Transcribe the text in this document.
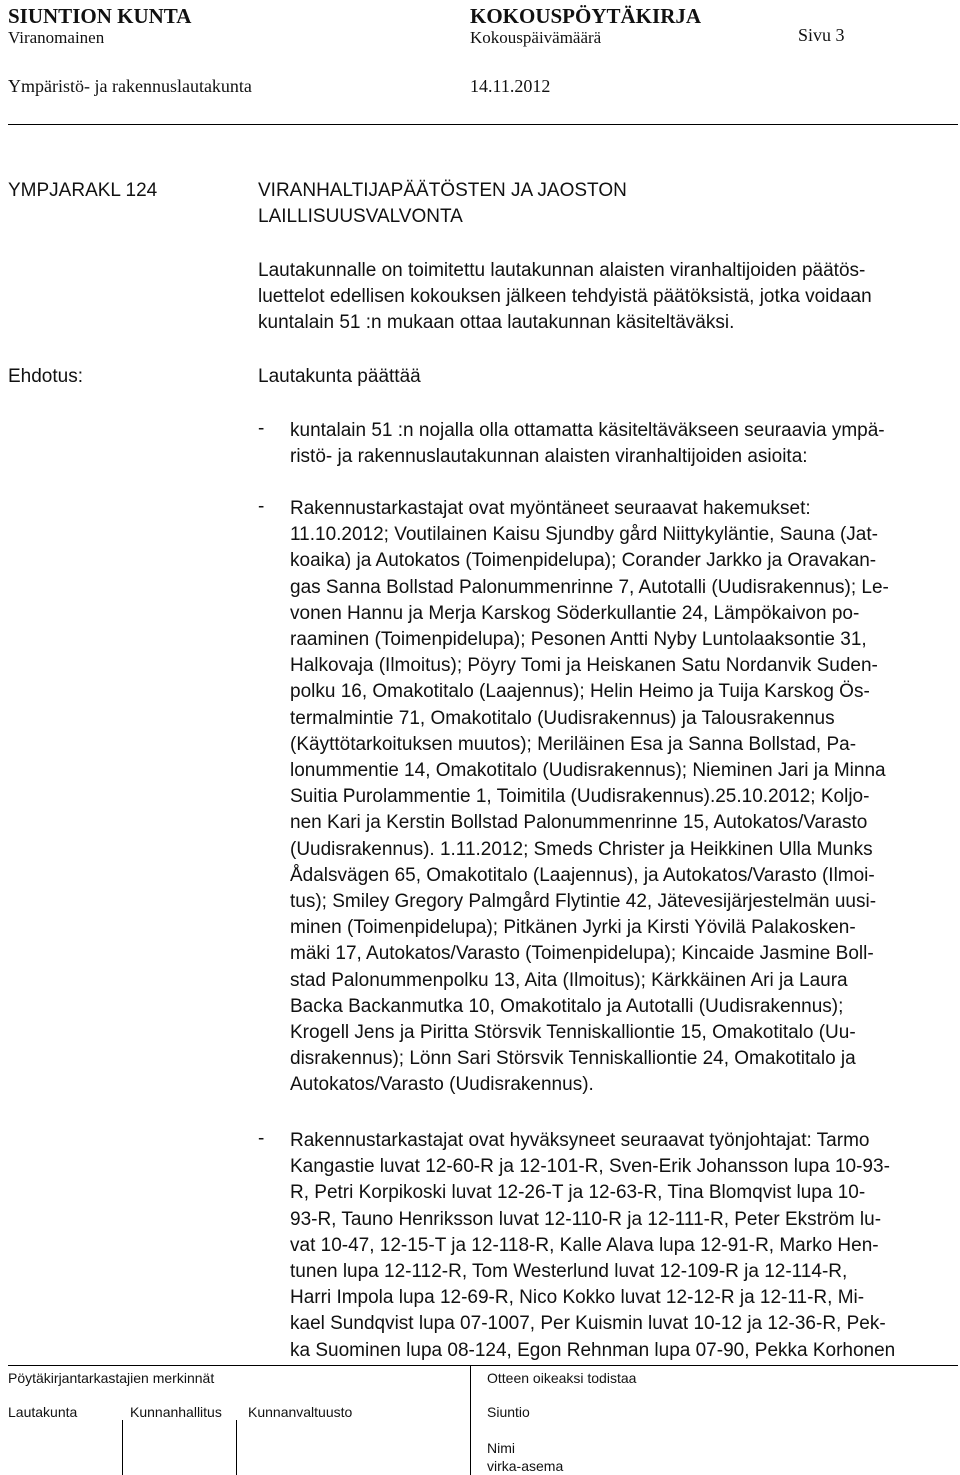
SIUNTION KUNTA	KOKOUSPÖYTÄKIRJA
Viranomainen	Kokouspäivämäärä	Sivu 3
Ympäristö- ja rakennuslautakunta	14.11.2012
YMPJARAKL 124	VIRANHALTIJAPÄÄTÖSTEN JA JAOSTON
LAILLISUUSVALVONTA
Lautakunnalle on toimitettu lautakunnan alaisten viranhaltijoiden päätös-
luettelot edellisen kokouksen jälkeen tehdyistä päätöksistä, jotka voidaan
kuntalain 51 :n mukaan ottaa lautakunnan käsiteltäväksi.
Ehdotus:	Lautakunta päättää
- kuntalain 51 :n nojalla olla ottamatta käsiteltäväkseen seuraavia ympä-
ristö- ja rakennuslautakunnan alaisten viranhaltijoiden asioita:
- Rakennustarkastajat ovat myöntäneet seuraavat hakemukset:
11.10.2012; Voutilainen Kaisu Sjundby gård Niittykyläntie, Sauna (Jat-
koaika) ja Autokatos (Toimenpidelupa); Corander Jarkko ja Oravakan-
gas Sanna Bollstad Palonummenrinne 7, Autotalli (Uudisrakennus); Le-
vonen Hannu ja Merja Karskog Söderkullantie 24, Lämpökaivon po-
raaminen (Toimenpidelupa); Pesonen Antti Nyby Luntolaaksontie 31,
Halkovaja (Ilmoitus); Pöyry Tomi ja Heiskanen Satu Nordanvik Suden-
polku 16, Omakotitalo (Laajennus); Helin Heimo ja Tuija Karskog Ös-
termalmintie 71, Omakotitalo (Uudisrakennus) ja Talousrakennus
(Käyttötarkoituksen muutos); Meriläinen Esa ja Sanna Bollstad, Pa-
lonummentie 14, Omakotitalo (Uudisrakennus); Nieminen Jari ja Minna
Suitia Purolammentie 1, Toimitila (Uudisrakennus).25.10.2012; Koljo-
nen Kari ja Kerstin Bollstad Palonummenrinne 15, Autokatos/Varasto
(Uudisrakennus). 1.11.2012; Smeds Christer ja Heikkinen Ulla Munks
Ådalsvägen 65, Omakotitalo (Laajennus), ja Autokatos/Varasto (Ilmoi-
tus); Smiley Gregory Palmgård Flytintie 42, Jätevesijärjestelmän uusi-
minen (Toimenpidelupa); Pitkänen Jyrki ja Kirsti Yövilä Palakosken-
mäki 17, Autokatos/Varasto (Toimenpidelupa); Kincaide Jasmine Boll-
stad Palonummenpolku 13, Aita (Ilmoitus); Kärkkäinen Ari ja Laura
Backa Backanmutka 10, Omakotitalo ja Autotalli (Uudisrakennus);
Krogell Jens ja Piritta Störsvik Tenniskalliontie 15, Omakotitalo (Uu-
disrakennus); Lönn Sari Störsvik Tenniskalliontie 24, Omakotitalo ja
Autokatos/Varasto (Uudisrakennus).
- Rakennustarkastajat ovat hyväksyneet seuraavat työnjohtajat: Tarmo
Kangastie luvat 12-60-R ja 12-101-R, Sven-Erik Johansson lupa 10-93-
R, Petri Korpikoski luvat 12-26-T ja 12-63-R, Tina Blomqvist lupa 10-
93-R, Tauno Henriksson luvat 12-110-R ja 12-111-R, Peter Ekström lu-
vat 10-47, 12-15-T ja 12-118-R, Kalle Alava lupa 12-91-R, Marko Hen-
tunen lupa 12-112-R, Tom Westerlund luvat 12-109-R ja 12-114-R,
Harri Impola lupa 12-69-R, Nico Kokko luvat 12-12-R ja 12-11-R, Mi-
kael Sundqvist lupa 07-1007, Per Kuismin luvat 10-12 ja 12-36-R, Pek-
ka Suominen lupa 08-124, Egon Rehnman lupa 07-90, Pekka Korhonen
Pöytäkirjantarkastajien merkinnät
Lautakunta	Kunnanhallitus Kunnanvaltuusto
Otteen oikeaksi todistaa
Siuntio
Nimi
virka-asema
